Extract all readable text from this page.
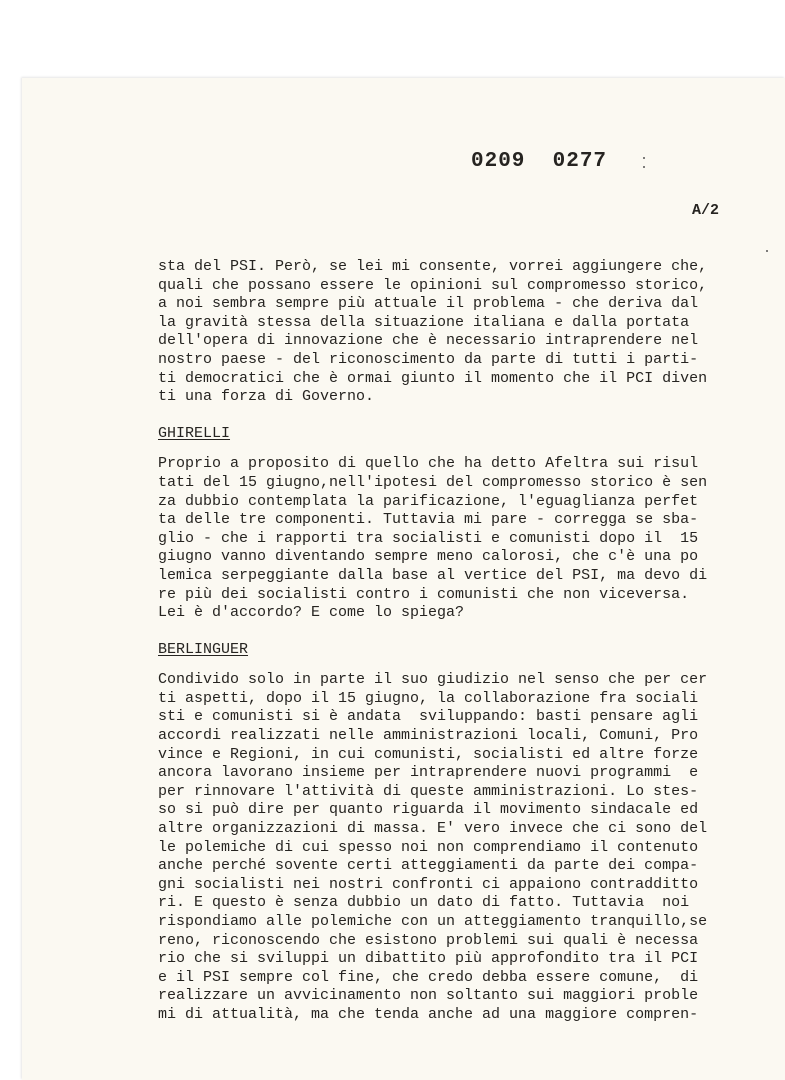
0209  0277
A/2
sta del PSI. Però, se lei mi consente, vorrei aggiungere che,
quali che possano essere le opinioni sul compromesso storico,
a noi sembra sempre più attuale il problema - che deriva dal
la gravità stessa della situazione italiana e dalla portata
dell'opera di innovazione che è necessario intraprendere nel
nostro paese - del riconoscimento da parte di tutti i parti-
ti democratici che è ormai giunto il momento che il PCI diven
ti una forza di Governo.
GHIRELLI
Proprio a proposito di quello che ha detto Afeltra sui risul
tati del 15 giugno,nell'ipotesi del compromesso storico è sen
za dubbio contemplata la parificazione, l'eguaglianza perfet
ta delle tre componenti. Tuttavia mi pare - corregga se sba-
glio - che i rapporti tra socialisti e comunisti dopo il  15
giugno vanno diventando sempre meno calorosi, che c'è una po
lemica serpeggiante dalla base al vertice del PSI, ma devo di
re più dei socialisti contro i comunisti che non viceversa.
Lei è d'accordo? E come lo spiega?
BERLINGUER
Condivido solo in parte il suo giudizio nel senso che per cer
ti aspetti, dopo il 15 giugno, la collaborazione fra sociali
sti e comunisti si è andata  sviluppando: basti pensare agli
accordi realizzati nelle amministrazioni locali, Comuni, Pro
vince e Regioni, in cui comunisti, socialisti ed altre forze
ancora lavorano insieme per intraprendere nuovi programmi  e
per rinnovare l'attività di queste amministrazioni. Lo stes-
so si può dire per quanto riguarda il movimento sindacale ed
altre organizzazioni di massa. E' vero invece che ci sono del
le polemiche di cui spesso noi non comprendiamo il contenuto
anche perché sovente certi atteggiamenti da parte dei compa-
gni socialisti nei nostri confronti ci appaiono contradditto
ri. E questo è senza dubbio un dato di fatto. Tuttavia  noi
rispondiamo alle polemiche con un atteggiamento tranquillo,se
reno, riconoscendo che esistono problemi sui quali è necessa
rio che si sviluppi un dibattito più approfondito tra il PCI
e il PSI sempre col fine, che credo debba essere comune,  di
realizzare un avvicinamento non soltanto sui maggiori proble
mi di attualità, ma che tenda anche ad una maggiore compren-
